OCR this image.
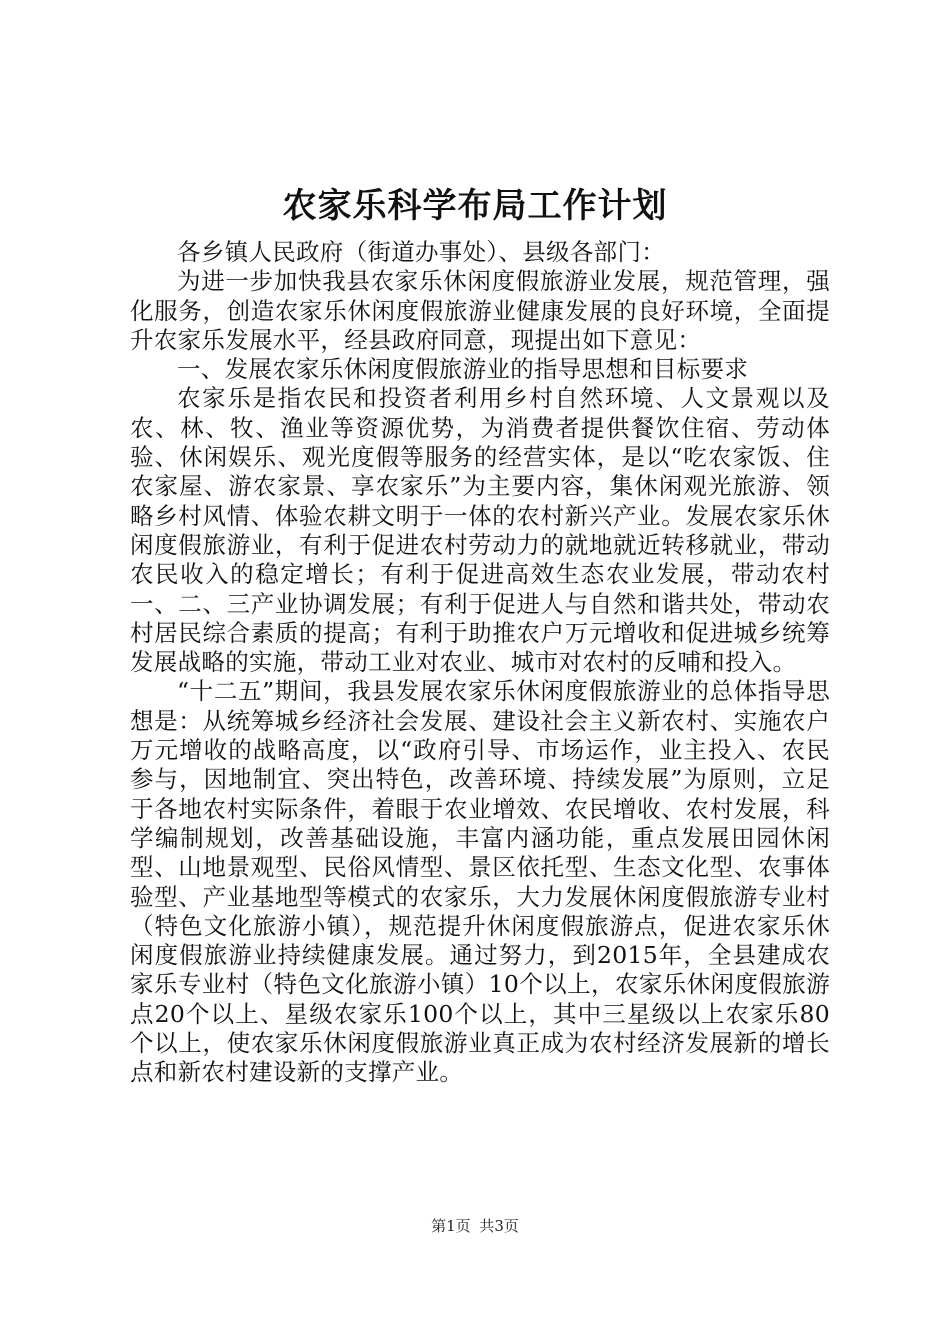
农家乐科学布局工作计划

各乡镇人民政府（街道办事处）、县级各部门：

为进一步加快我县农家乐休闲度假旅游业发展，规范管理，强化服务，创造农家乐休闲度假旅游业健康发展的良好环境，全面提升农家乐发展水平，经县政府同意，现提出如下意见：

一、发展农家乐休闲度假旅游业的指导思想和目标要求

农家乐是指农民和投资者利用乡村自然环境、人文景观以及农、林、牧、渔业等资源优势，为消费者提供餐饮住宿、劳动体验、休闲娱乐、观光度假等服务的经营实体，是以“吃农家饭、住农家屋、游农家景、享农家乐”为主要内容，集休闲观光旅游、领略乡村风情、体验农耕文明于一体的农村新兴产业。发展农家乐休闲度假旅游业，有利于促进农村劳动力的就地就近转移就业，带动农民收入的稳定增长；有利于促进高效生态农业发展，带动农村一、二、三产业协调发展；有利于促进人与自然和谐共处，带动农村居民综合素质的提高；有利于助推农户万元增收和促进城乡统筹发展战略的实施，带动工业对农业、城市对农村的反哺和投入。

“十二五”期间，我县发展农家乐休闲度假旅游业的总体指导思想是：从统筹城乡经济社会发展、建设社会主义新农村、实施农户万元增收的战略高度，以“政府引导、市场运作，业主投入、农民参与，因地制宜、突出特色，改善环境、持续发展”为原则，立足于各地农村实际条件，着眼于农业增效、农民增收、农村发展，科学编制规划，改善基础设施，丰富内涵功能，重点发展田园休闲型、山地景观型、民俗风情型、景区依托型、生态文化型、农事体验型、产业基地型等模式的农家乐，大力发展休闲度假旅游专业村（特色文化旅游小镇），规范提升休闲度假旅游点，促进农家乐休闲度假旅游业持续健康发展。通过努力，到2015年，全县建成农家乐专业村（特色文化旅游小镇）10个以上，农家乐休闲度假旅游点20个以上、星级农家乐100个以上，其中三星级以上农家乐80个以上，使农家乐休闲度假旅游业真正成为农村经济发展新的增长点和新农村建设新的支撑产业。

第1页 共3页
